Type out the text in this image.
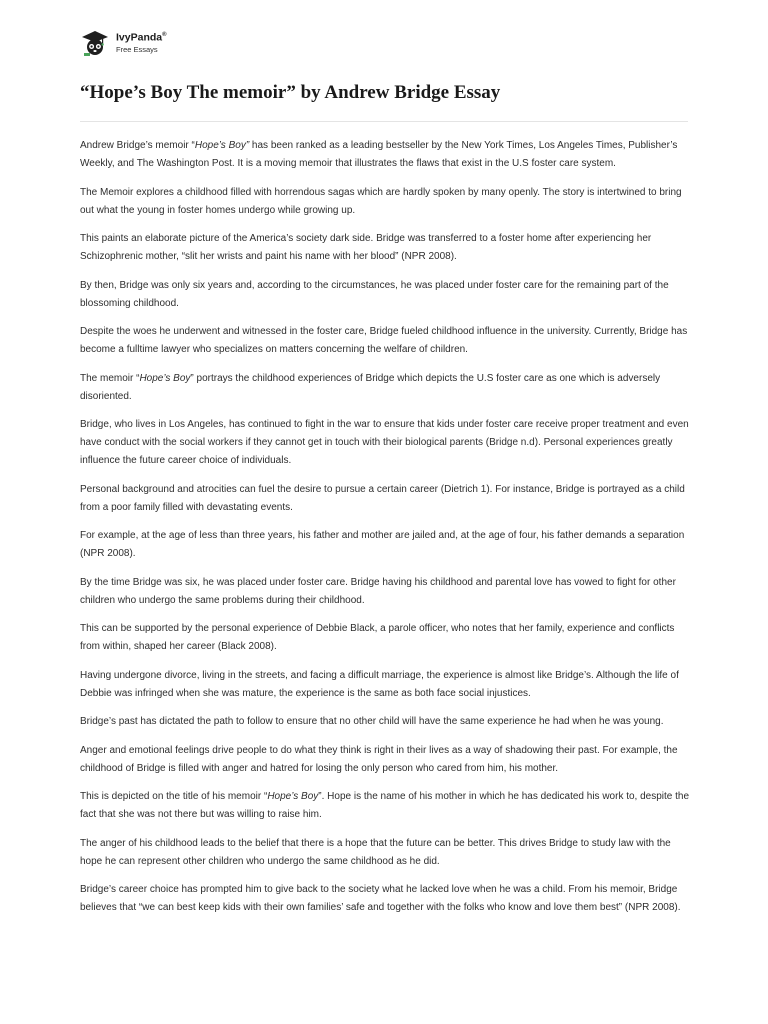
IvyPanda®
Free Essays
“Hope’s Boy The memoir” by Andrew Bridge Essay

Andrew Bridge’s memoir “Hope’s Boy” has been ranked as a leading bestseller by the New York Times, Los Angeles Times, Publisher’s Weekly, and The Washington Post. It is a moving memoir that illustrates the flaws that exist in the U.S foster care system.

The Memoir explores a childhood filled with horrendous sagas which are hardly spoken by many openly. The story is intertwined to bring out what the young in foster homes undergo while growing up.

This paints an elaborate picture of the America’s society dark side. Bridge was transferred to a foster home after experiencing her Schizophrenic mother, “slit her wrists and paint his name with her blood” (NPR 2008).

By then, Bridge was only six years and, according to the circumstances, he was placed under foster care for the remaining part of the blossoming childhood.

Despite the woes he underwent and witnessed in the foster care, Bridge fueled childhood influence in the university. Currently, Bridge has become a fulltime lawyer who specializes on matters concerning the welfare of children.

The memoir “Hope’s Boy” portrays the childhood experiences of Bridge which depicts the U.S foster care as one which is adversely disoriented.

Bridge, who lives in Los Angeles, has continued to fight in the war to ensure that kids under foster care receive proper treatment and even have conduct with the social workers if they cannot get in touch with their biological parents (Bridge n.d). Personal experiences greatly influence the future career choice of individuals.

Personal background and atrocities can fuel the desire to pursue a certain career (Dietrich 1). For instance, Bridge is portrayed as a child from a poor family filled with devastating events.

For example, at the age of less than three years, his father and mother are jailed and, at the age of four, his father demands a separation (NPR 2008).

By the time Bridge was six, he was placed under foster care. Bridge having his childhood and parental love has vowed to fight for other children who undergo the same problems during their childhood.

This can be supported by the personal experience of Debbie Black, a parole officer, who notes that her family, experience and conflicts from within, shaped her career (Black 2008).

Having undergone divorce, living in the streets, and facing a difficult marriage, the experience is almost like Bridge’s. Although the life of Debbie was infringed when she was mature, the experience is the same as both face social injustices.

Bridge’s past has dictated the path to follow to ensure that no other child will have the same experience he had when he was young.

Anger and emotional feelings drive people to do what they think is right in their lives as a way of shadowing their past. For example, the childhood of Bridge is filled with anger and hatred for losing the only person who cared from him, his mother.

This is depicted on the title of his memoir “Hope’s Boy”. Hope is the name of his mother in which he has dedicated his work to, despite the fact that she was not there but was willing to raise him.

The anger of his childhood leads to the belief that there is a hope that the future can be better. This drives Bridge to study law with the hope he can represent other children who undergo the same childhood as he did.

Bridge’s career choice has prompted him to give back to the society what he lacked love when he was a child. From his memoir, Bridge believes that “we can best keep kids with their own families’ safe and together with the folks who know and love them best” (NPR 2008).
